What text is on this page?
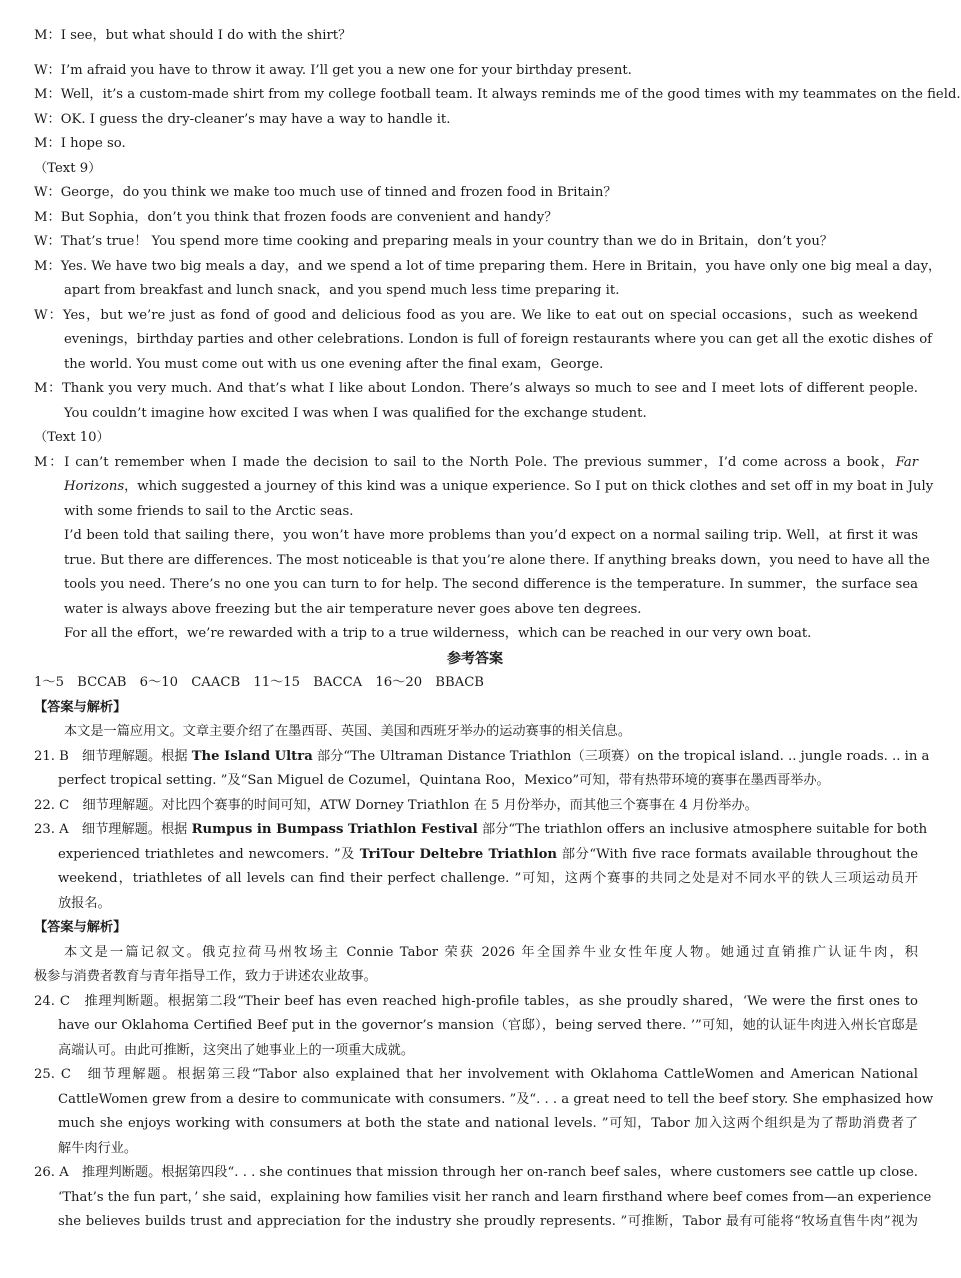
M：I see，but what should I do with the shirt？
W：I’m afraid you have to throw it away. I’ll get you a new one for your birthday present.
M：Well，it’s a custom-made shirt from my college football team. It always reminds me of the good times with my teammates on the field.
W：OK. I guess the dry-cleaner’s may have a way to handle it.
M：I hope so.
（Text 9）
W：George，do you think we make too much use of tinned and frozen food in Britain？
M：But Sophia，don’t you think that frozen foods are convenient and handy？
W：That’s true！ You spend more time cooking and preparing meals in your country than we do in Britain，don’t you？
M：Yes. We have two big meals a day，and we spend a lot of time preparing them. Here in Britain，you have only one big meal a day，
apart from breakfast and lunch snack，and you spend much less time preparing it.
W：Yes，but we’re just as fond of good and delicious food as you are. We like to eat out on special occasions，such as weekend
evenings，birthday parties and other celebrations. London is full of foreign restaurants where you can get all the exotic dishes of
the world. You must come out with us one evening after the final exam，George.
M：Thank you very much. And that’s what I like about London. There’s always so much to see and I meet lots of different people.
You couldn’t imagine how excited I was when I was qualified for the exchange student.
（Text 10）
M：I can’t remember when I made the decision to sail to the North Pole. The previous summer，I’d come across a book，Far
Horizons，which suggested a journey of this kind was a unique experience. So I put on thick clothes and set off in my boat in July
with some friends to sail to the Arctic seas.
I’d been told that sailing there，you won’t have more problems than you’d expect on a normal sailing trip. Well，at first it was
true. But there are differences. The most noticeable is that you’re alone there. If anything breaks down，you need to have all the
tools you need. There’s no one you can turn to for help. The second difference is the temperature. In summer，the surface sea
water is always above freezing but the air temperature never goes above ten degrees.
For all the effort，we’re rewarded with a trip to a true wilderness，which can be reached in our very own boat.
参考答案
1～5　BCCAB　6～10　CAACB　11～15　BACCA　16～20　BBACB
【答案与解析】
本文是一篇应用文。文章主要介绍了在墨西哥、英国、美国和西班牙举办的运动赛事的相关信息。
21. B　细节理解题。根据 The Island Ultra 部分“The Ultraman Distance Triathlon（三项赛）on the tropical island. .. jungle roads. .. in a
perfect tropical setting. ”及“San Miguel de Cozumel，Quintana Roo，Mexico”可知，带有热带环境的赛事在墨西哥举办。
22. C　细节理解题。对比四个赛事的时间可知，ATW Dorney Triathlon 在 5 月份举办，而其他三个赛事在 4 月份举办。
23. A　细节理解题。根据 Rumpus in Bumpass Triathlon Festival 部分“The triathlon offers an inclusive atmosphere suitable for both
experienced triathletes and newcomers. ”及 TriTour Deltebre Triathlon 部分“With five race formats available throughout the
weekend，triathletes of all levels can find their perfect challenge. ”可知，这两个赛事的共同之处是对不同水平的铁人三项运动员开
放报名。
【答案与解析】
本文是一篇记叙文。俄克拉荷马州牧场主 Connie Tabor 荣获 2026 年全国养牛业女性年度人物。她通过直销推广认证牛肉，积
极参与消费者教育与青年指导工作，致力于讲述农业故事。
24. C　推理判断题。根据第二段“Their beef has even reached high-profile tables，as she proudly shared，‘We were the first ones to
have our Oklahoma Certified Beef put in the governor’s mansion（官邸），being served there. ’”可知，她的认证牛肉进入州长官邸是
高端认可。由此可推断，这突出了她事业上的一项重大成就。
25. C　细节理解题。根据第三段“Tabor also explained that her involvement with Oklahoma CattleWomen and American National
CattleWomen grew from a desire to communicate with consumers. ”及“. . . a great need to tell the beef story. She emphasized how
much she enjoys working with consumers at both the state and national levels. ”可知，Tabor 加入这两个组织是为了帮助消费者了
解牛肉行业。
26. A　推理判断题。根据第四段“. . . she continues that mission through her on-ranch beef sales，where customers see cattle up close.
‘That’s the fun part，’ she said，explaining how families visit her ranch and learn firsthand where beef comes from—an experience
she believes builds trust and appreciation for the industry she proudly represents. ”可推断，Tabor 最有可能将“牧场直售牛肉”视为
